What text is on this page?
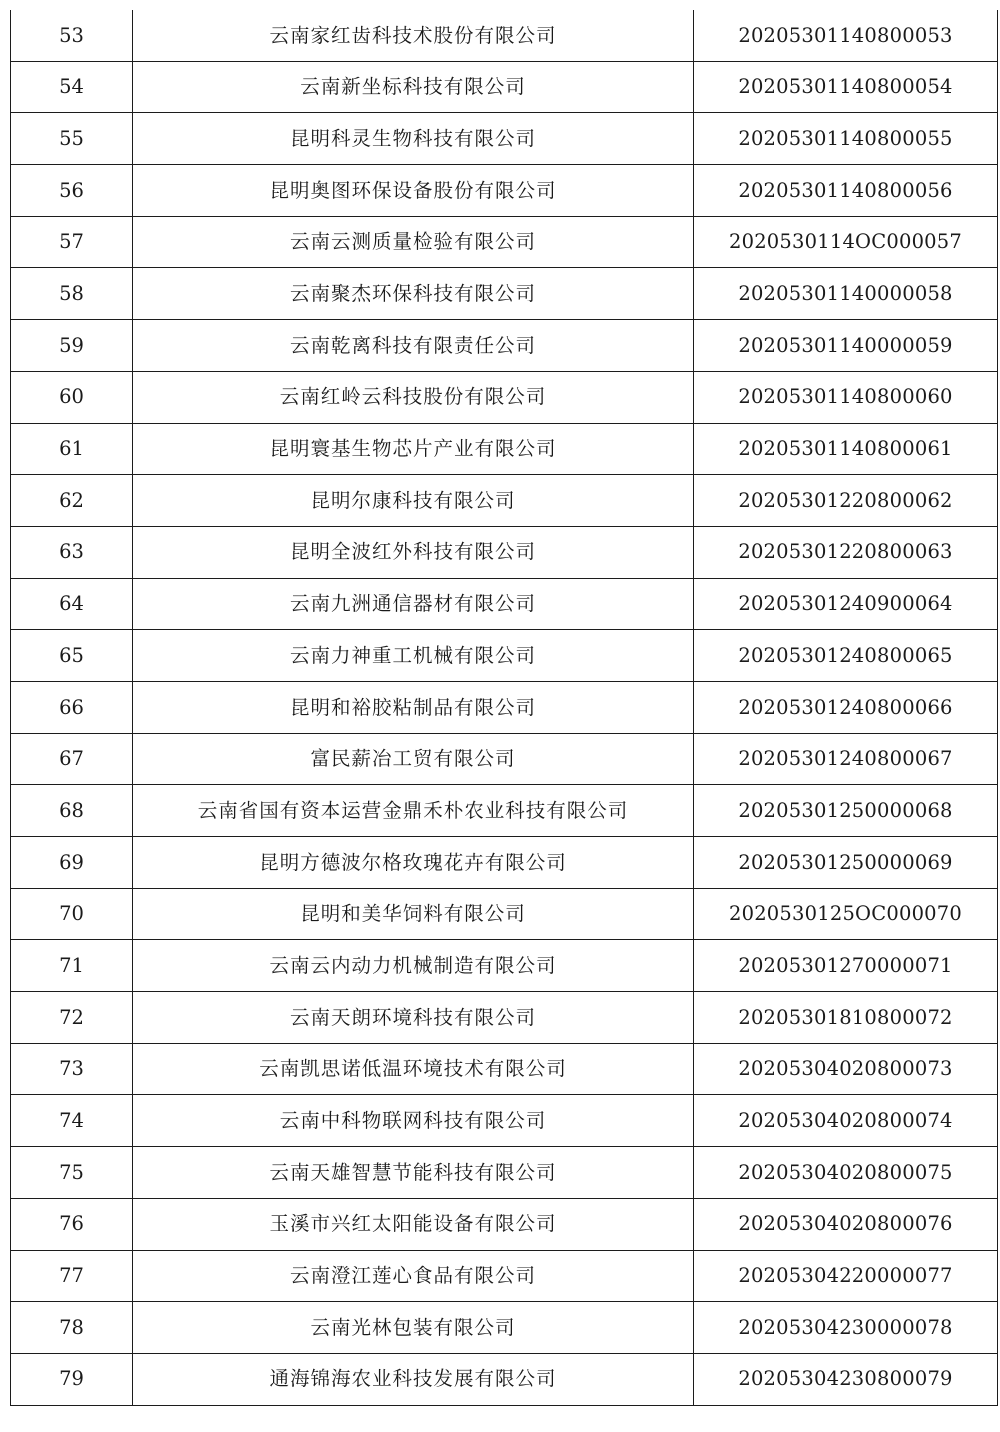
53	云南家红齿科技术股份有限公司	20205301140800053
54	云南新坐标科技有限公司	20205301140800054
55	昆明科灵生物科技有限公司	20205301140800055
56	昆明奥图环保设备股份有限公司	20205301140800056
57	云南云测质量检验有限公司	2020530114OC000057
58	云南聚杰环保科技有限公司	20205301140000058
59	云南乾离科技有限责任公司	20205301140000059
60	云南红岭云科技股份有限公司	20205301140800060
61	昆明寰基生物芯片产业有限公司	20205301140800061
62	昆明尔康科技有限公司	20205301220800062
63	昆明全波红外科技有限公司	20205301220800063
64	云南九洲通信器材有限公司	20205301240900064
65	云南力神重工机械有限公司	20205301240800065
66	昆明和裕胶粘制品有限公司	20205301240800066
67	富民薪冶工贸有限公司	20205301240800067
68	云南省国有资本运营金鼎禾朴农业科技有限公司	20205301250000068
69	昆明方德波尔格玫瑰花卉有限公司	20205301250000069
70	昆明和美华饲料有限公司	2020530125OC000070
71	云南云内动力机械制造有限公司	20205301270000071
72	云南天朗环境科技有限公司	20205301810800072
73	云南凯思诺低温环境技术有限公司	20205304020800073
74	云南中科物联网科技有限公司	20205304020800074
75	云南天雄智慧节能科技有限公司	20205304020800075
76	玉溪市兴红太阳能设备有限公司	20205304020800076
77	云南澄江莲心食品有限公司	20205304220000077
78	云南光林包装有限公司	20205304230000078
79	通海锦海农业科技发展有限公司	20205304230800079
